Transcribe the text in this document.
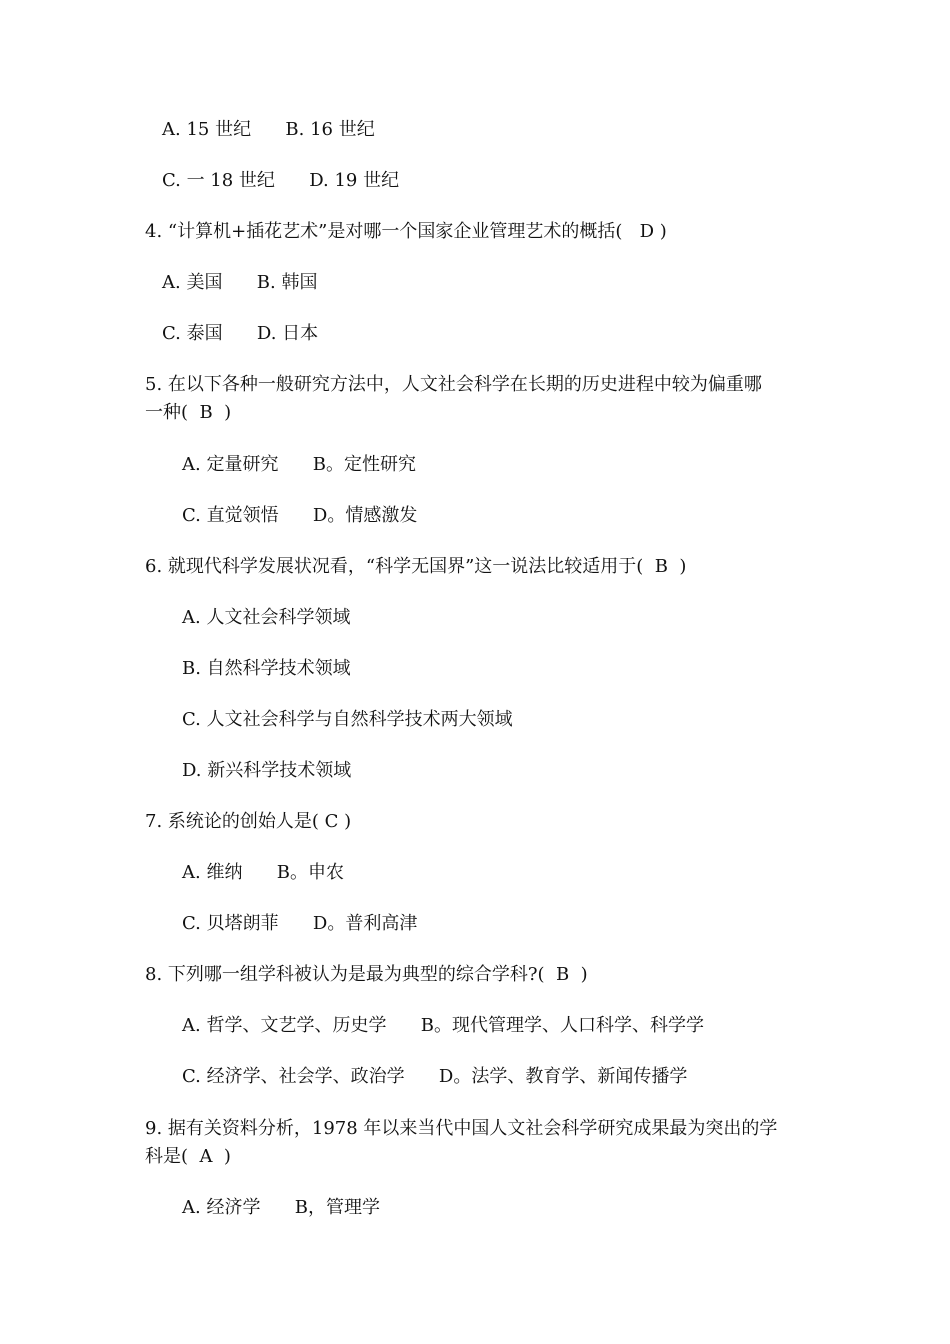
A. 15 世纪      B. 16 世纪
C. 一 18 世纪      D. 19 世纪
4. “计算机+插花艺术”是对哪一个国家企业管理艺术的概括(   D )
A. 美国      B. 韩国
C. 泰国      D. 日本
5. 在以下各种一般研究方法中，人文社会科学在长期的历史进程中较为偏重哪
一种(  B  )
A. 定量研究      B。定性研究
C. 直觉领悟      D。情感激发
6. 就现代科学发展状况看，“科学无国界”这一说法比较适用于(  B  )
A. 人文社会科学领域
B. 自然科学技术领域
C. 人文社会科学与自然科学技术两大领域
D. 新兴科学技术领域
7. 系统论的创始人是( C )
A. 维纳      B。申农
C. 贝塔朗菲      D。普利高津
8. 下列哪一组学科被认为是最为典型的综合学科?(  B  )
A. 哲学、文艺学、历史学      B。现代管理学、人口科学、科学学
C. 经济学、社会学、政治学      D。法学、教育学、新闻传播学
9. 据有关资料分析，1978 年以来当代中国人文社会科学研究成果最为突出的学
科是(  A  )
A. 经济学      B，管理学
